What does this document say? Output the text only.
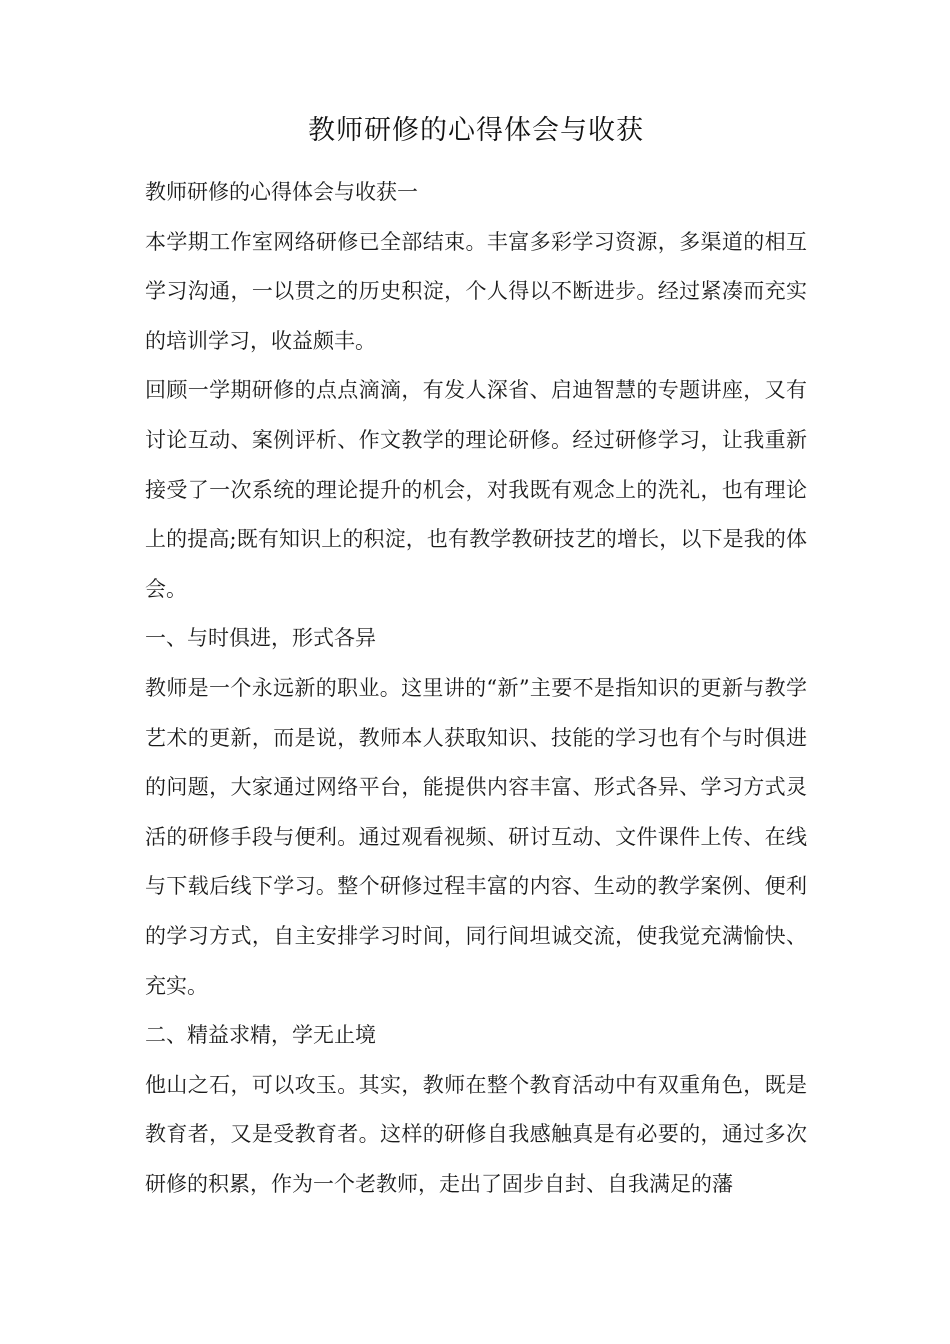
教师研修的心得体会与收获

教师研修的心得体会与收获一

本学期工作室网络研修已全部结束。丰富多彩学习资源，多渠道的相互学习沟通，一以贯之的历史积淀，个人得以不断进步。经过紧凑而充实的培训学习，收益颇丰。

回顾一学期研修的点点滴滴，有发人深省、启迪智慧的专题讲座，又有讨论互动、案例评析、作文教学的理论研修。经过研修学习，让我重新接受了一次系统的理论提升的机会，对我既有观念上的洗礼，也有理论上的提高;既有知识上的积淀，也有教学教研技艺的增长，以下是我的体会。

一、与时俱进，形式各异

教师是一个永远新的职业。这里讲的“新”主要不是指知识的更新与教学艺术的更新，而是说，教师本人获取知识、技能的学习也有个与时俱进的问题，大家通过网络平台，能提供内容丰富、形式各异、学习方式灵活的研修手段与便利。通过观看视频、研讨互动、文件课件上传、在线与下载后线下学习。整个研修过程丰富的内容、生动的教学案例、便利的学习方式，自主安排学习时间，同行间坦诚交流，使我觉充满愉快、充实。

二、精益求精，学无止境

他山之石，可以攻玉。其实，教师在整个教育活动中有双重角色，既是教育者，又是受教育者。这样的研修自我感触真是有必要的，通过多次研修的积累，作为一个老教师，走出了固步自封、自我满足的藩
